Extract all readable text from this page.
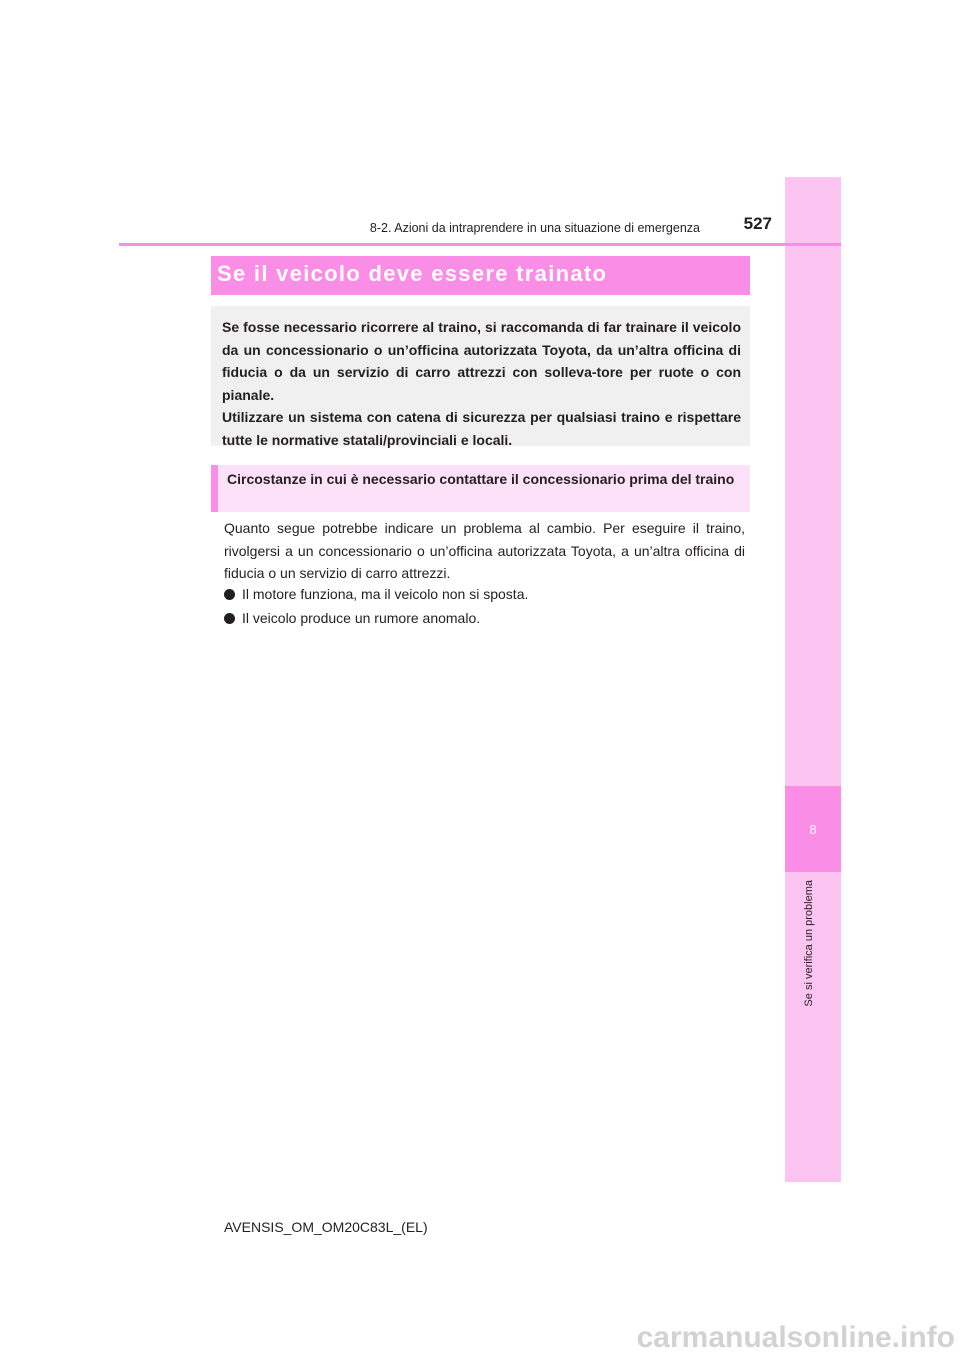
8
Se si verifica un problema
8-2. Azioni da intraprendere in una situazione di emergenza	527
Se il veicolo deve essere trainato

Se fosse necessario ricorrere al traino, si raccomanda di far trainare il veicolo da un concessionario o un’officina autorizzata Toyota, da un’altra officina di fiducia o da un servizio di carro attrezzi con solleva-tore per ruote o con pianale.

Utilizzare un sistema con catena di sicurezza per qualsiasi traino e rispettare tutte le normative statali/provinciali e locali.

Circostanze in cui è necessario contattare il concessionario prima del traino

Quanto segue potrebbe indicare un problema al cambio. Per eseguire il traino, rivolgersi a un concessionario o un’officina autorizzata Toyota, a un’altra officina di fiducia o un servizio di carro attrezzi.

Il motore funziona, ma il veicolo non si sposta.
Il veicolo produce un rumore anomalo.
AVENSIS_OM_OM20C83L_(EL)
carmanualsonline.info
